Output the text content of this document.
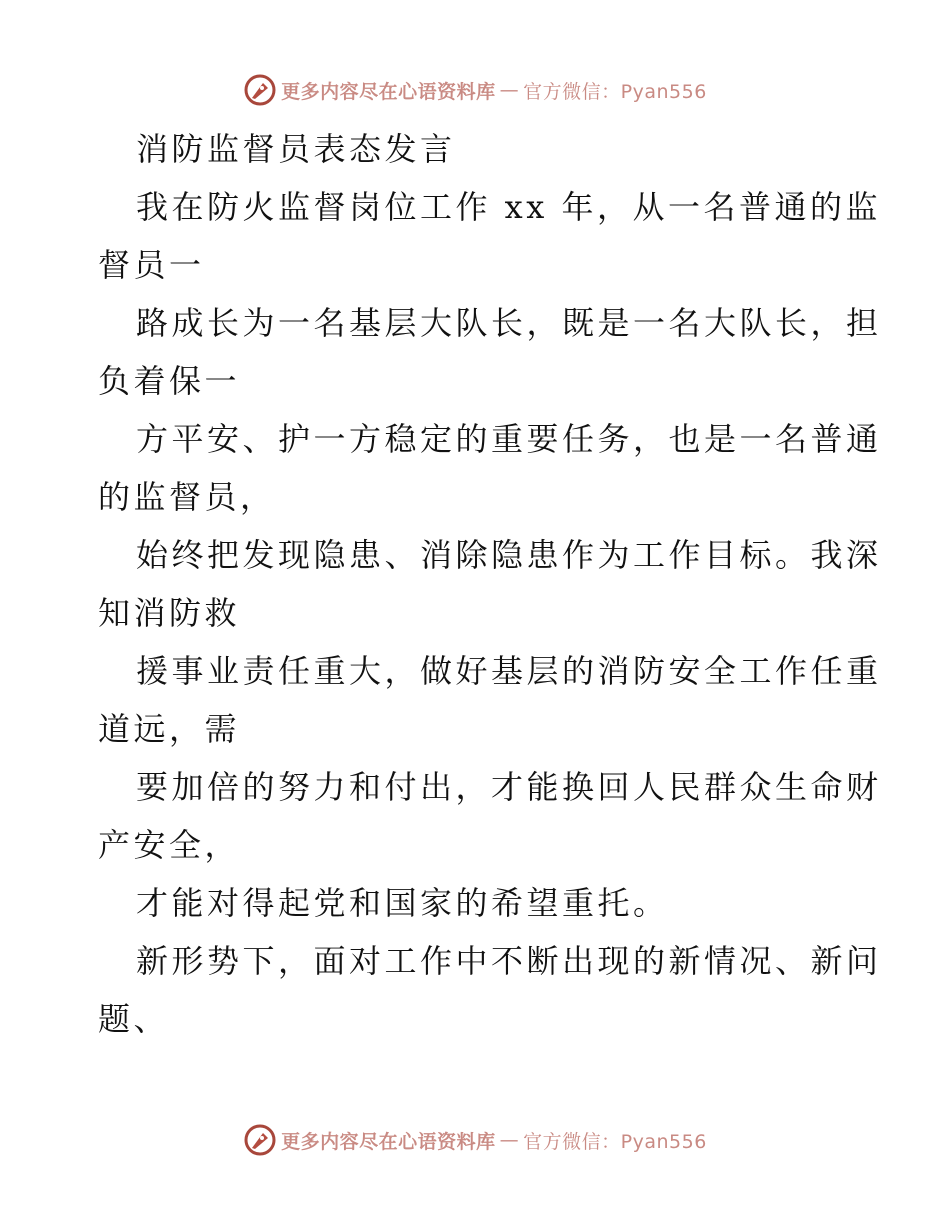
更多内容尽在心语资料库 — 官方微信：Pyan556
消防监督员表态发言
我在防火监督岗位工作 xx 年，从一名普通的监
督员一
路成长为一名基层大队长，既是一名大队长，担
负着保一
方平安、护一方稳定的重要任务，也是一名普通
的监督员，
始终把发现隐患、消除隐患作为工作目标。我深
知消防救
援事业责任重大，做好基层的消防安全工作任重
道远，需
要加倍的努力和付出，才能换回人民群众生命财
产安全，
才能对得起党和国家的希望重托。
新形势下，面对工作中不断出现的新情况、新问
题、
更多内容尽在心语资料库 — 官方微信：Pyan556
